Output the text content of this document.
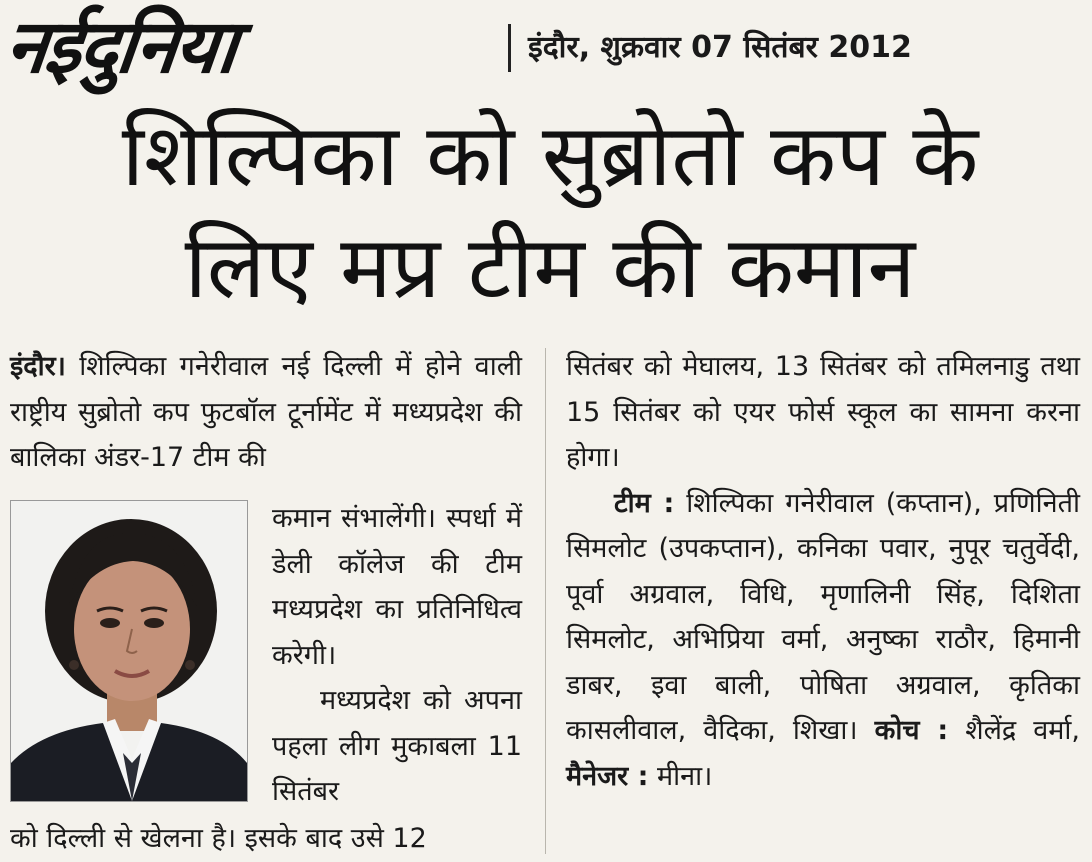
नईदुनिया	इंदौर, शुक्रवार 07 सितंबर 2012
शिल्पिका को सुब्रोतो कप के
लिए मप्र टीम की कमान

इंदौर। शिल्पिका गनेरीवाल नई दिल्ली में होने वाली राष्ट्रीय सुब्रोतो कप फुटबॉल टूर्नामेंट में मध्यप्रदेश की बालिका अंडर-17 टीम की

कमान संभालेंगी। स्पर्धा में डेली कॉलेज की टीम मध्यप्रदेश का प्रतिनिधित्व करेगी।

मध्यप्रदेश को अपना पहला लीग मुकाबला 11 सितंबर

को दिल्ली से खेलना है। इसके बाद उसे 12

सितंबर को मेघालय, 13 सितंबर को तमिलनाडु तथा 15 सितंबर को एयर फोर्स स्कूल का सामना करना होगा।

टीम : शिल्पिका गनेरीवाल (कप्तान), प्रणिनिती सिमलोट (उपकप्तान), कनिका पवार, नुपूर चतुर्वेदी, पूर्वा अग्रवाल, विधि, मृणालिनी सिंह, दिशिता सिमलोट, अभिप्रिया वर्मा, अनुष्का राठौर, हिमानी डाबर, इवा बाली, पोषिता अग्रवाल, कृतिका कासलीवाल, वैदिका, शिखा। कोच : शैलेंद्र वर्मा, मैनेजर : मीना।
